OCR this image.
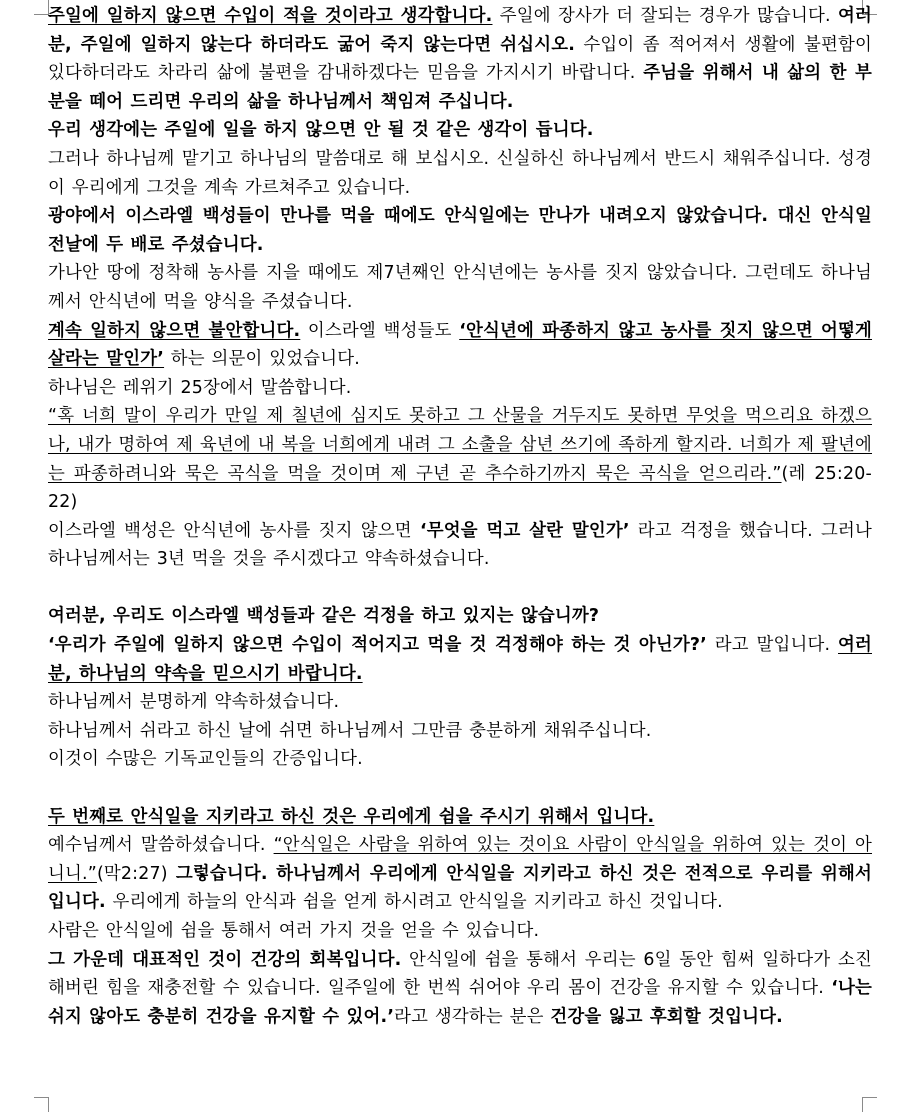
주일에 일하지 않으면 수입이 적을 것이라고 생각합니다. 주일에 장사가 더 잘되는 경우가 많습니다. 여러분, 주일에 일하지 않는다 하더라도 굶어 죽지 않는다면 쉬십시오. 수입이 좀 적어져서 생활에 불편함이 있다하더라도 차라리 삶에 불편을 감내하겠다는 믿음을 가지시기 바랍니다. 주님을 위해서 내 삶의 한 부분을 떼어 드리면 우리의 삶을 하나님께서 책임져 주십니다.

우리 생각에는 주일에 일을 하지 않으면 안 될 것 같은 생각이 듭니다.

그러나 하나님께 맡기고 하나님의 말씀대로 해 보십시오. 신실하신 하나님께서 반드시 채워주십니다. 성경이 우리에게 그것을 계속 가르쳐주고 있습니다.

광야에서 이스라엘 백성들이 만나를 먹을 때에도 안식일에는 만나가 내려오지 않았습니다. 대신 안식일 전날에 두 배로 주셨습니다.

가나안 땅에 정착해 농사를 지을 때에도 제7년째인 안식년에는 농사를 짓지 않았습니다. 그런데도 하나님께서 안식년에 먹을 양식을 주셨습니다.

계속 일하지 않으면 불안합니다. 이스라엘 백성들도 ‘안식년에 파종하지 않고 농사를 짓지 않으면 어떻게 살라는 말인가’ 하는 의문이 있었습니다.

하나님은 레위기 25장에서 말씀합니다.

“혹 너희 말이 우리가 만일 제 칠년에 심지도 못하고 그 산물을 거두지도 못하면 무엇을 먹으리요 하겠으나, 내가 명하여 제 육년에 내 복을 너희에게 내려 그 소출을 삼년 쓰기에 족하게 할지라. 너희가 제 팔년에는 파종하려니와 묵은 곡식을 먹을 것이며 제 구년 곧 추수하기까지 묵은 곡식을 얻으리라.”(레 25:20-22)

이스라엘 백성은 안식년에 농사를 짓지 않으면 ‘무엇을 먹고 살란 말인가’ 라고 걱정을 했습니다. 그러나 하나님께서는 3년 먹을 것을 주시겠다고 약속하셨습니다.

여러분, 우리도 이스라엘 백성들과 같은 걱정을 하고 있지는 않습니까?

‘우리가 주일에 일하지 않으면 수입이 적어지고 먹을 것 걱정해야 하는 것 아닌가?’ 라고 말입니다. 여러분, 하나님의 약속을 믿으시기 바랍니다.

하나님께서 분명하게 약속하셨습니다.

하나님께서 쉬라고 하신 날에 쉬면 하나님께서 그만큼 충분하게 채워주십니다.

이것이 수많은 기독교인들의 간증입니다.

두 번째로 안식일을 지키라고 하신 것은 우리에게 쉼을 주시기 위해서 입니다.

예수님께서 말씀하셨습니다. “안식일은 사람을 위하여 있는 것이요 사람이 안식일을 위하여 있는 것이 아니니.”(막2:27) 그렇습니다. 하나님께서 우리에게 안식일을 지키라고 하신 것은 전적으로 우리를 위해서 입니다. 우리에게 하늘의 안식과 쉼을 얻게 하시려고 안식일을 지키라고 하신 것입니다.

사람은 안식일에 쉼을 통해서 여러 가지 것을 얻을 수 있습니다.

그 가운데 대표적인 것이 건강의 회복입니다. 안식일에 쉼을 통해서 우리는 6일 동안 힘써 일하다가 소진해버린 힘을 재충전할 수 있습니다. 일주일에 한 번씩 쉬어야 우리 몸이 건강을 유지할 수 있습니다. ‘나는 쉬지 않아도 충분히 건강을 유지할 수 있어.’라고 생각하는 분은 건강을 잃고 후회할 것입니다.
